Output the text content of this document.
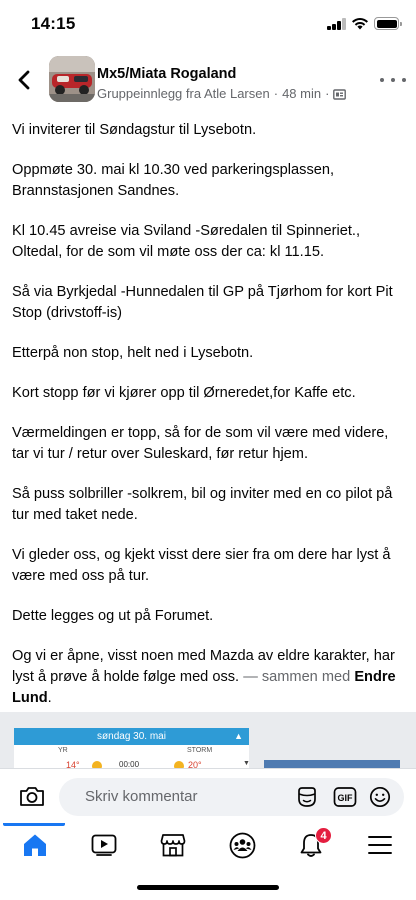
14:15
Mx5/Miata Rogaland
Gruppeinnlegg fra Atle Larsen · 48 min ·

Vi inviterer til Søndagstur til Lysebotn.

Oppmøte 30. mai kl 10.30 ved parkeringsplassen, Brannstasjonen Sandnes.

Kl 10.45 avreise via Sviland -Søredalen til Spinneriet., Oltedal, for de som vil møte oss der ca: kl 11.15.

Så via Byrkjedal -Hunnedalen til GP på Tjørhom for kort Pit Stop (drivstoff-is)

Etterpå non stop, helt ned i Lysebotn.

Kort stopp før vi kjører opp til Ørneredet,for Kaffe etc.

Værmeldingen er topp, så for de som vil være med videre, tar vi tur / retur over Suleskard, før retur hjem.

Så puss solbriller -solkrem, bil og inviter med en co pilot på tur med taket nede.

Vi gleder oss, og kjekt visst dere sier fra om dere har lyst å være med oss på tur.

Dette legges og ut på Forumet.

Og vi er åpne, visst noen med Mazda av eldre karakter, har lyst å prøve å holde følge med oss. — sammen med Endre Lund.

søndag 30. mai	▲
YR	STORM
14°	00:00	20°	▼
Skriv kommentar	GIF
4
